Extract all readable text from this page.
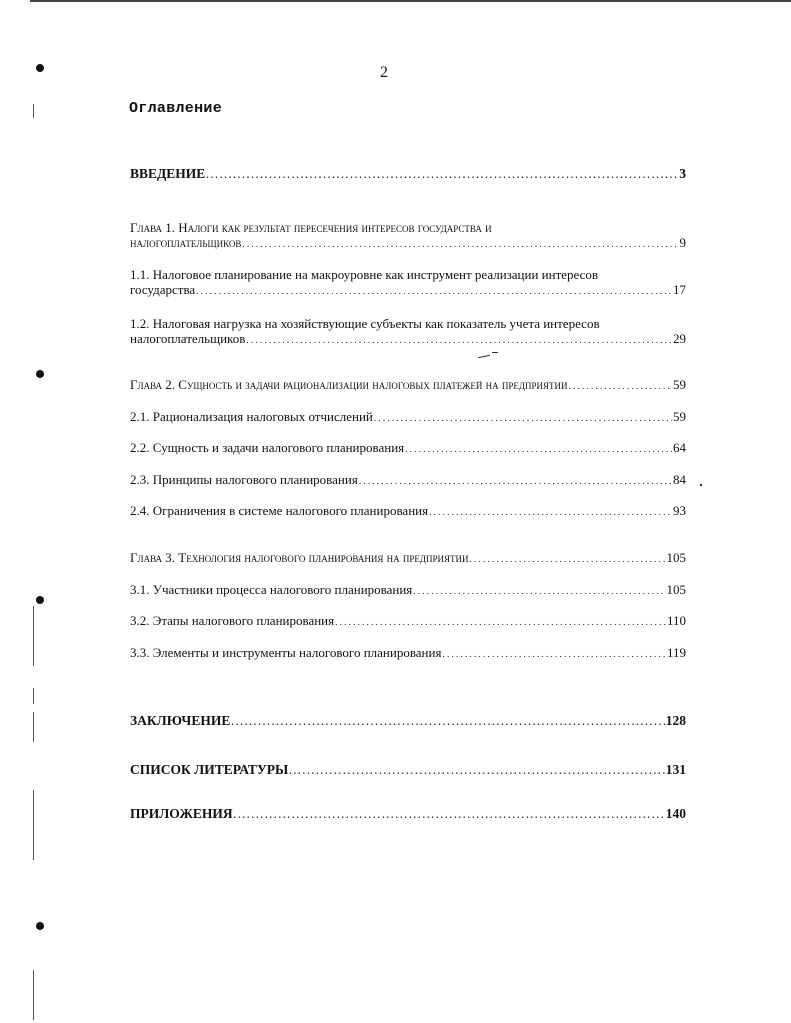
2
Оглавление
ВВЕДЕНИЕ . . .	3
Глава 1. Налоги как результат пересечения интересов государства и
налогоплательщиков . . .	9
1.1. Налоговое планирование на макроуровне как инструмент реализации интересов
государства . . .	17
1.2. Налоговая нагрузка на хозяйствующие субъекты как показатель учета интересов
налогоплательщиков . . .	29
Глава 2. Сущность и задачи рационализации налоговых платежей на предприятии . . .	59
2.1. Рационализация налоговых отчислений . . .	59
2.2. Сущность и задачи налогового планирования . . .	64
2.3. Принципы налогового планирования . . .	84
2.4. Ограничения в системе налогового планирования . . .	93
Глава 3. Технология налогового планирования на предприятии . . .	105
3.1. Участники процесса налогового планирования . . .	105
3.2. Этапы налогового планирования . . .	110
3.3. Элементы и инструменты налогового планирования . . .	119
ЗАКЛЮЧЕНИЕ . . .	128
СПИСОК ЛИТЕРАТУРЫ . . .	131
ПРИЛОЖЕНИЯ . . .	140
